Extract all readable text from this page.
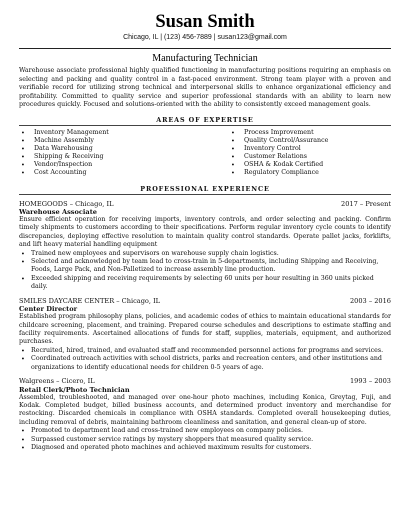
Susan Smith
Chicago, IL | (123) 456-7889 | susan123@gmail.com
Manufacturing Technician
Warehouse associate professional highly qualified functioning in manufacturing positions requiring an emphasis on selecting and packing and quality control in a fast-paced environment. Strong team player with a proven and verifiable record for utilizing strong technical and interpersonal skills to enhance organizational efficiency and profitability. Committed to quality service and superior professional standards with an ability to learn new procedures quickly. Focused and solutions-oriented with the ability to consistently exceed management goals.
AREAS OF EXPERTISE
• Inventory Management
• Machine Assembly
• Data Warehousing
• Shipping & Receiving
• Vendor/Inspection
• Cost Accounting
• Process Improvement
• Quality Control/Assurance
• Inventory Control
• Customer Relations
• OSHA & Kodak Certified
• Regulatory Compliance
PROFESSIONAL EXPERIENCE
HOMEGOODS – Chicago, IL	2017 – Present
Warehouse Associate
Ensure efficient operation for receiving imports, inventory controls, and order selecting and packing. Confirm timely shipments to customers according to their specifications. Perform regular inventory cycle counts to identify discrepancies, deploying effective resolution to maintain quality control standards. Operate pallet jacks, forklifts, and lift heavy material handling equipment
• Trained new employees and supervisors on warehouse supply chain logistics.
• Selected and acknowledged by team lead to cross-train in 5-departments, including Shipping and Receiving, Foods, Large Pack, and Non-Palletized to increase assembly line production.
• Exceeded shipping and receiving requirements by selecting 60 units per hour resulting in 360 units picked daily.
SMILES DAYCARE CENTER – Chicago, IL	2003 – 2016
Center Director
Established program philosophy plans, policies, and academic codes of ethics to maintain educational standards for childcare screening, placement, and training. Prepared course schedules and descriptions to estimate staffing and facility requirements. Ascertained allocations of funds for staff, supplies, materials, equipment, and authorized purchases.
• Recruited, hired, trained, and evaluated staff and recommended personnel actions for programs and services.
• Coordinated outreach activities with school districts, parks and recreation centers, and other institutions and organizations to identify educational needs for children 0-5 years of age.
Walgreens – Cicero, IL	1993 – 2003
Retail Clerk/Photo Technician
Assembled, troubleshooted, and managed over one-hour photo machines, including Konica, Greytag, Fuji, and Kodak. Completed budget, billed business accounts, and determined product inventory and merchandise for restocking. Discarded chemicals in compliance with OSHA standards. Completed overall housekeeping duties, including removal of debris, maintaining bathroom cleanliness and sanitation, and general clean-up of store.
• Promoted to department lead and cross-trained new employees on company policies.
• Surpassed customer service ratings by mystery shoppers that measured quality service.
• Diagnosed and operated photo machines and achieved maximum results for customers.
